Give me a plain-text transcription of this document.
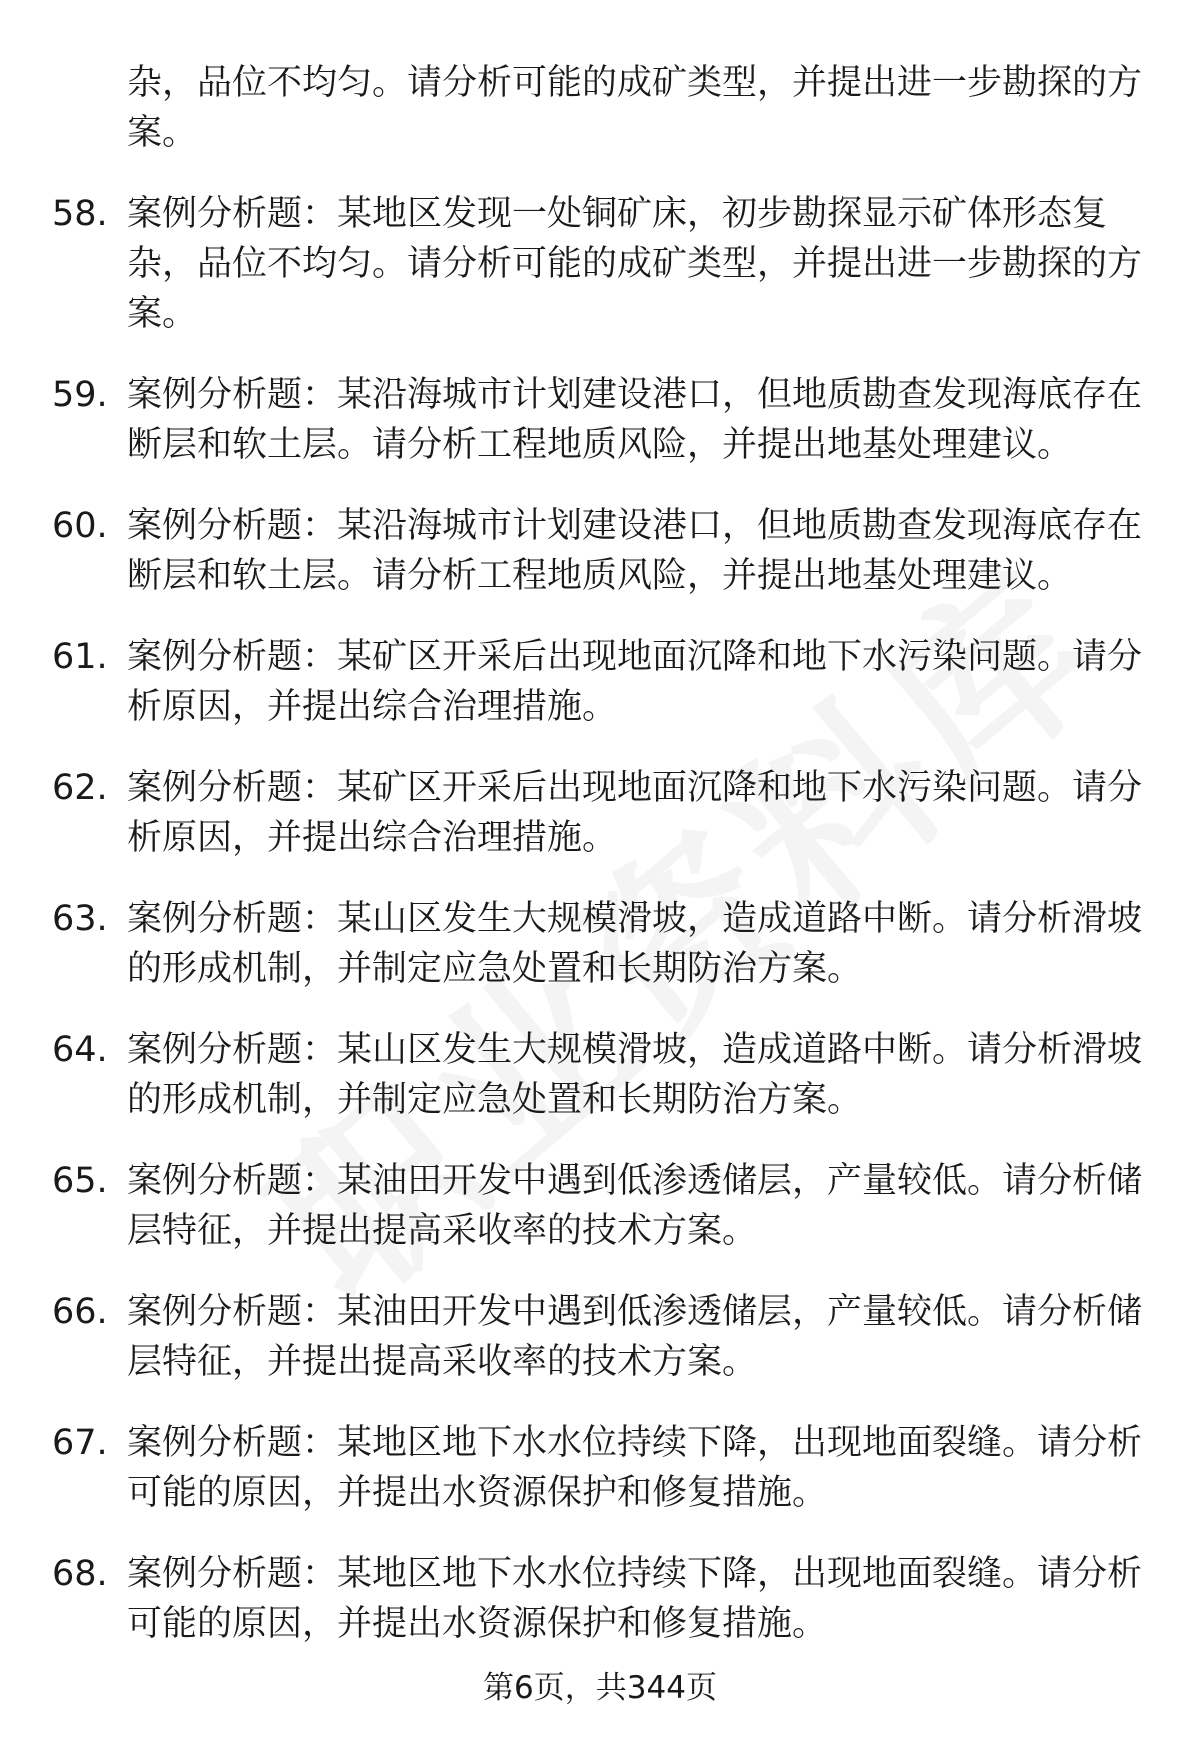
杂，品位不均匀。请分析可能的成矿类型，并提出进一步勘探的方案。
58. 案例分析题：某地区发现一处铜矿床，初步勘探显示矿体形态复杂，品位不均匀。请分析可能的成矿类型，并提出进一步勘探的方案。
59. 案例分析题：某沿海城市计划建设港口，但地质勘查发现海底存在断层和软土层。请分析工程地质风险，并提出地基处理建议。
60. 案例分析题：某沿海城市计划建设港口，但地质勘查发现海底存在断层和软土层。请分析工程地质风险，并提出地基处理建议。
61. 案例分析题：某矿区开采后出现地面沉降和地下水污染问题。请分析原因，并提出综合治理措施。
62. 案例分析题：某矿区开采后出现地面沉降和地下水污染问题。请分析原因，并提出综合治理措施。
63. 案例分析题：某山区发生大规模滑坡，造成道路中断。请分析滑坡的形成机制，并制定应急处置和长期防治方案。
64. 案例分析题：某山区发生大规模滑坡，造成道路中断。请分析滑坡的形成机制，并制定应急处置和长期防治方案。
65. 案例分析题：某油田开发中遇到低渗透储层，产量较低。请分析储层特征，并提出提高采收率的技术方案。
66. 案例分析题：某油田开发中遇到低渗透储层，产量较低。请分析储层特征，并提出提高采收率的技术方案。
67. 案例分析题：某地区地下水水位持续下降，出现地面裂缝。请分析可能的原因，并提出水资源保护和修复措施。
68. 案例分析题：某地区地下水水位持续下降，出现地面裂缝。请分析可能的原因，并提出水资源保护和修复措施。
第6页，共344页
